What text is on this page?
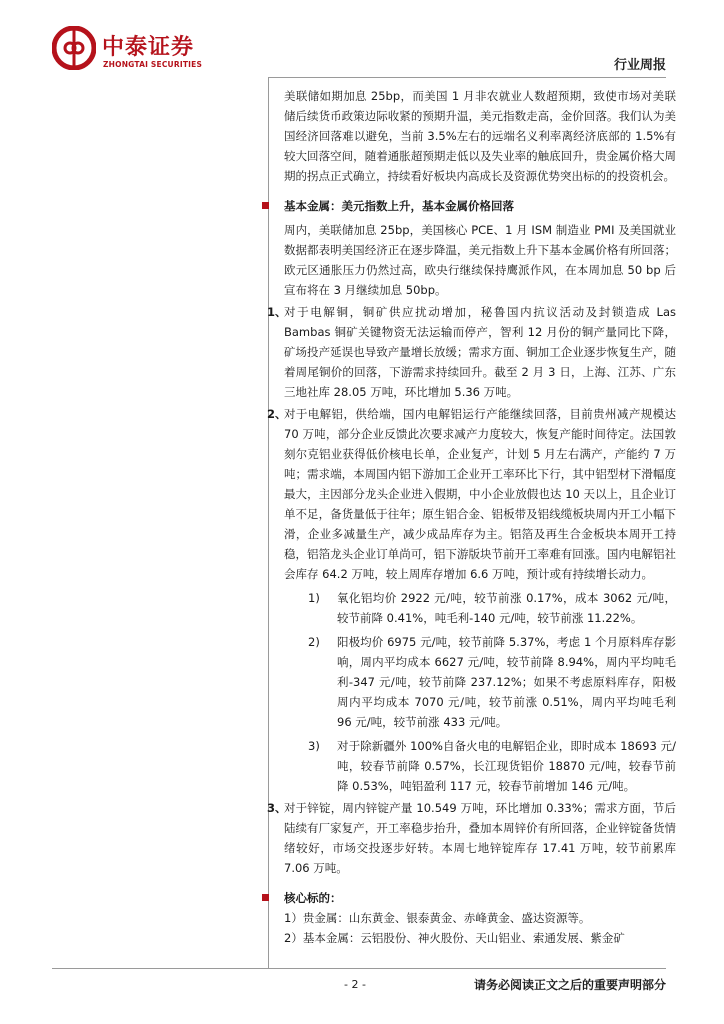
中泰证券
ZHONGTAI SECURITIES	行业周报

美联储如期加息 25bp，而美国 1 月非农就业人数超预期，致使市场对美联储后续货币政策边际收紧的预期升温，美元指数走高，金价回落。我们认为美国经济回落难以避免，当前 3.5%左右的远端名义利率离经济底部的 1.5%有较大回落空间，随着通胀超预期走低以及失业率的触底回升，贵金属价格大周期的拐点正式确立，持续看好板块内高成长及资源优势突出标的的投资机会。

基本金属：美元指数上升，基本金属价格回落

周内，美联储加息 25bp，美国核心 PCE、1 月 ISM 制造业 PMI 及美国就业数据都表明美国经济正在逐步降温，美元指数上升下基本金属价格有所回落；欧元区通胀压力仍然过高，欧央行继续保持鹰派作风，在本周加息 50 bp 后宣布将在 3 月继续加息 50bp。

1、
对于电解铜，铜矿供应扰动增加，秘鲁国内抗议活动及封锁造成 Las Bambas 铜矿关键物资无法运输而停产，智利 12 月份的铜产量同比下降，矿场投产延误也导致产量增长放缓；需求方面、铜加工企业逐步恢复生产，随着周尾铜价的回落，下游需求持续回升。截至 2 月 3 日，上海、江苏、广东三地社库 28.05 万吨，环比增加 5.36 万吨。
2、
对于电解铝，供给端，国内电解铝运行产能继续回落，目前贵州减产规模达 70 万吨，部分企业反馈此次要求减产力度较大，恢复产能时间待定。法国敦刻尔克铝业获得低价核电长单，企业复产，计划 5 月左右满产，产能约 7 万吨；需求端，本周国内铝下游加工企业开工率环比下行，其中铝型材下滑幅度最大，主因部分龙头企业进入假期，中小企业放假也达 10 天以上，且企业订单不足，备货量低于往年；原生铝合金、铝板带及铝线缆板块周内开工小幅下滑，企业多减量生产，减少成品库存为主。铝箔及再生合金板块本周开工持稳，铝箔龙头企业订单尚可，铝下游版块节前开工率难有回涨。国内电解铝社会库存 64.2 万吨，较上周库存增加 6.6 万吨，预计或有持续增长动力。
1) 氧化铝均价 2922 元/吨，较节前涨 0.17%，成本 3062 元/吨，较节前降 0.41%，吨毛利-140 元/吨，较节前涨 11.22%。
2) 阳极均价 6975 元/吨，较节前降 5.37%，考虑 1 个月原料库存影响，周内平均成本 6627 元/吨，较节前降 8.94%，周内平均吨毛利-347 元/吨，较节前降 237.12%；如果不考虑原料库存，阳极周内平均成本 7070 元/吨，较节前涨 0.51%，周内平均吨毛利 96 元/吨，较节前涨 433 元/吨。
3) 对于除新疆外 100%自备火电的电解铝企业，即时成本 18693 元/吨，较春节前降 0.57%，长江现货铝价 18870 元/吨，较春节前降 0.53%，吨铝盈利 117 元，较春节前增加 146 元/吨。
3、
对于锌锭，周内锌锭产量 10.549 万吨，环比增加 0.33%；需求方面，节后陆续有厂家复产，开工率稳步抬升，叠加本周锌价有所回落，企业锌锭备货情绪较好，市场交投逐步好转。本周七地锌锭库存 17.41 万吨，较节前累库 7.06 万吨。
核心标的：

1）贵金属：山东黄金、银泰黄金、赤峰黄金、盛达资源等。

2）基本金属：云铝股份、神火股份、天山铝业、索通发展、紫金矿

- 2 -	请务必阅读正文之后的重要声明部分
